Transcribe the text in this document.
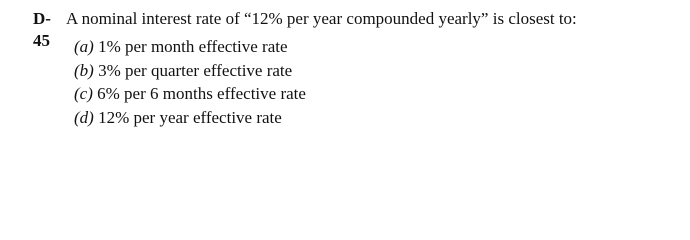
D-
45
A nominal interest rate of “12% per year compounded yearly” is closest to:
(a) 1% per month effective rate
(b) 3% per quarter effective rate
(c) 6% per 6 months effective rate
(d) 12% per year effective rate
